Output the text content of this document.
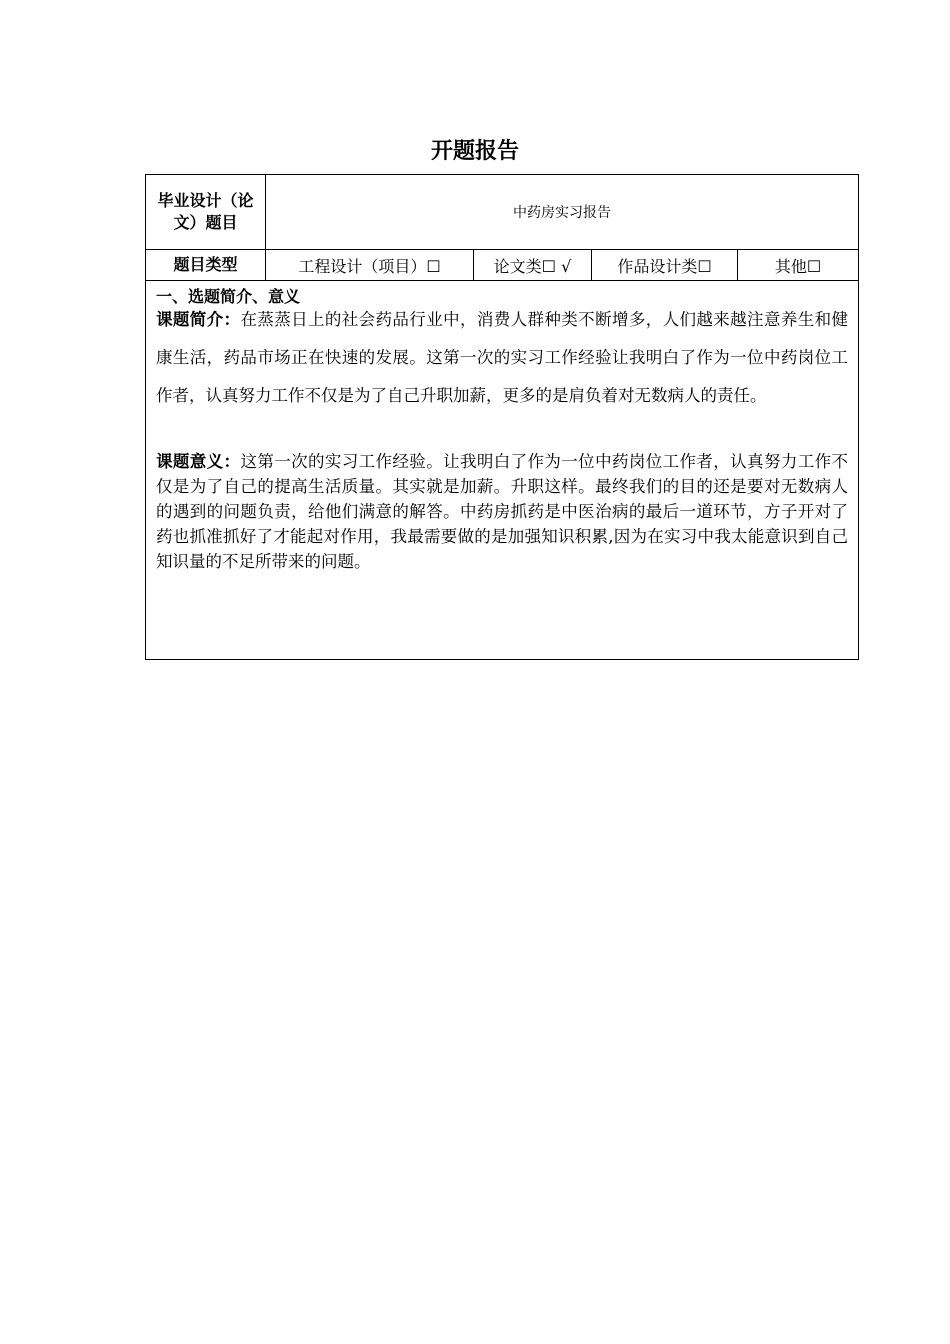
开题报告
毕业设计（论文）题目	中药房实习报告			
题目类型	工程设计（项目）☐	论文类☐ √	作品设计类☐	其他☐

一、选题简介、意义

课题简介：在蒸蒸日上的社会药品行业中，消费人群种类不断增多，人们越来越注意养生和健康生活，药品市场正在快速的发展。这第一次的实习工作经验让我明白了作为一位中药岗位工作者，认真努力工作不仅是为了自己升职加薪，更多的是肩负着对无数病人的责任。

课题意义：这第一次的实习工作经验。让我明白了作为一位中药岗位工作者，认真努力工作不仅是为了自己的提高生活质量。其实就是加薪。升职这样。最终我们的目的还是要对无数病人的遇到的问题负责，给他们满意的解答。中药房抓药是中医治病的最后一道环节，方子开对了药也抓准抓好了才能起对作用，我最需要做的是加强知识积累,因为在实习中我太能意识到自己知识量的不足所带来的问题。				
